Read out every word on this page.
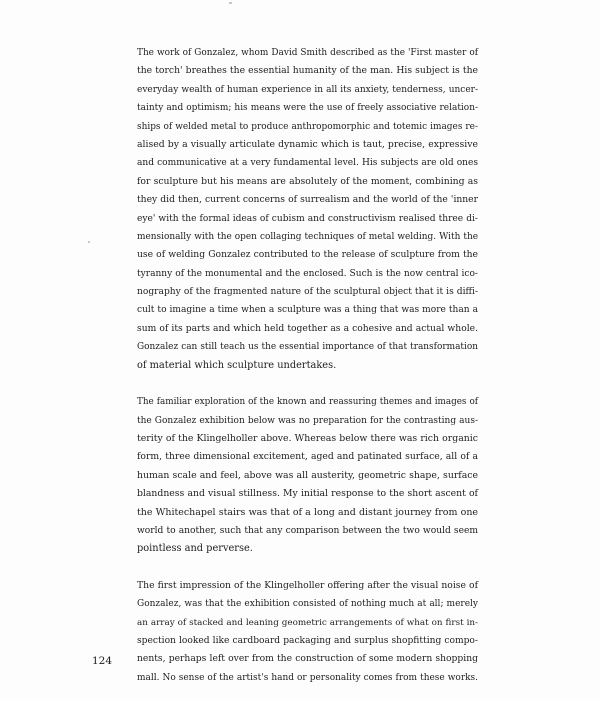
The work of Gonzalez, whom David Smith described as the 'First master of
the torch' breathes the essential humanity of the man. His subject is the
everyday wealth of human experience in all its anxiety, tenderness, uncer-
tainty and optimism; his means were the use of freely associative relation-
ships of welded metal to produce anthropomorphic and totemic images re-
alised by a visually articulate dynamic which is taut, precise, expressive
and communicative at a very fundamental level. His subjects are old ones
for sculpture but his means are absolutely of the moment, combining as
they did then, current concerns of surrealism and the world of the 'inner
eye' with the formal ideas of cubism and constructivism realised three di-
mensionally with the open collaging techniques of metal welding. With the
use of welding Gonzalez contributed to the release of sculpture from the
tyranny of the monumental and the enclosed. Such is the now central ico-
nography of the fragmented nature of the sculptural object that it is diffi-
cult to imagine a time when a sculpture was a thing that was more than a
sum of its parts and which held together as a cohesive and actual whole.
Gonzalez can still teach us the essential importance of that transformation
of material which sculpture undertakes.
The familiar exploration of the known and reassuring themes and images of
the Gonzalez exhibition below was no preparation for the contrasting aus-
terity of the Klingelholler above. Whereas below there was rich organic
form, three dimensional excitement, aged and patinated surface, all of a
human scale and feel, above was all austerity, geometric shape, surface
blandness and visual stillness. My initial response to the short ascent of
the Whitechapel stairs was that of a long and distant journey from one
world to another, such that any comparison between the two would seem
pointless and perverse.
The first impression of the Klingelholler offering after the visual noise of
Gonzalez, was that the exhibition consisted of nothing much at all; merely
an array of stacked and leaning geometric arrangements of what on first in-
spection looked like cardboard packaging and surplus shopfitting compo-
nents, perhaps left over from the construction of some modern shopping
mall. No sense of the artist's hand or personality comes from these works.
124
